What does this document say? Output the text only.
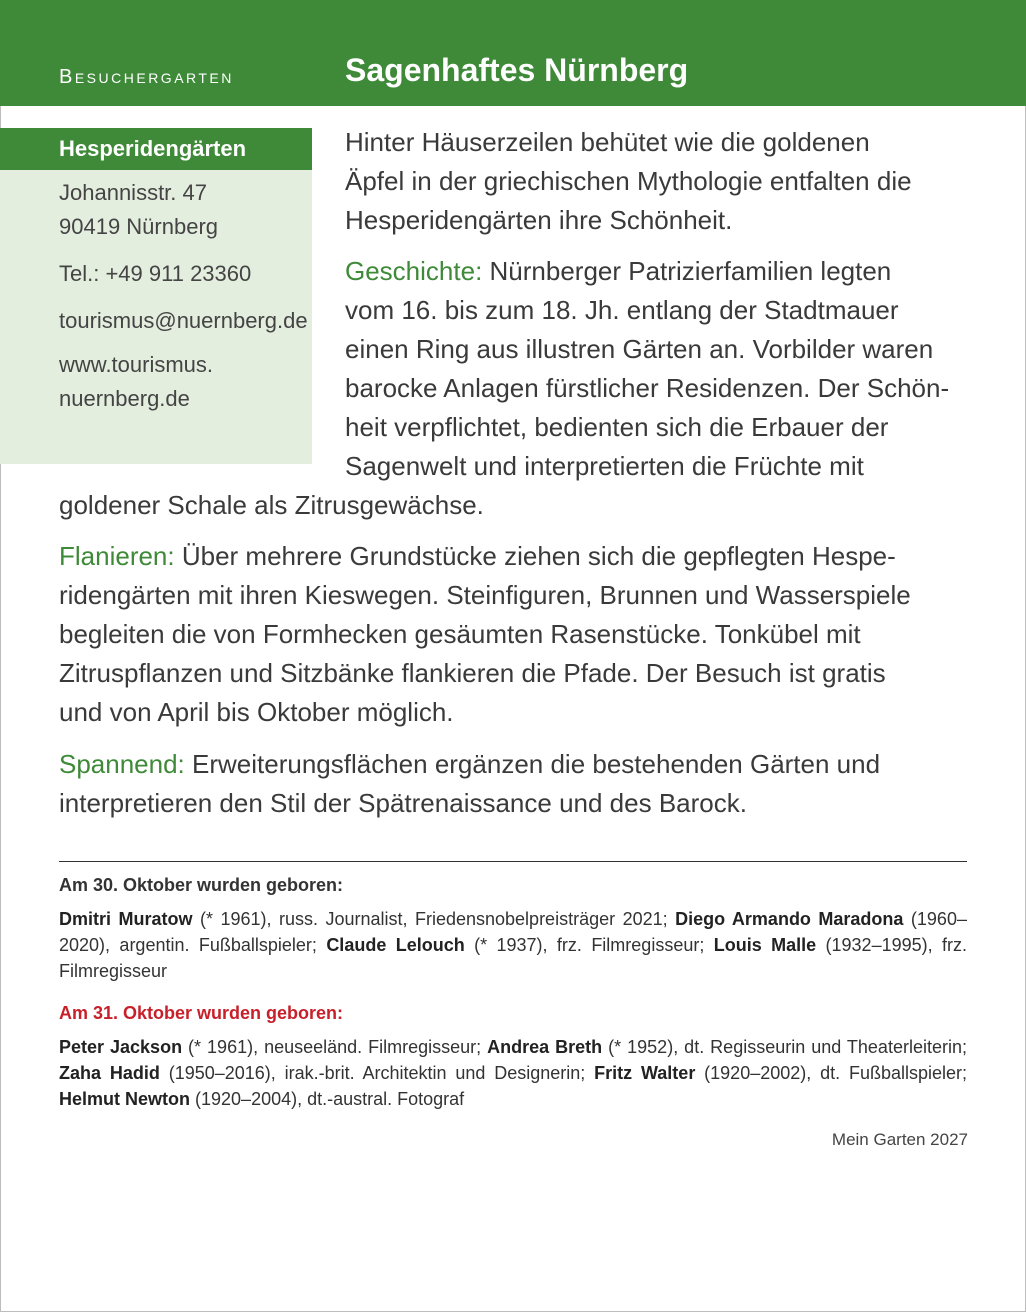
besuchergarten	Sagenhaftes Nürnberg
Hesperidengärten
Johannisstr. 47
90419 Nürnberg
Tel.: +49 911 23360
tourismus@nuernberg.de
www.tourismus.
nuernberg.de
Hinter Häuserzeilen behütet wie die goldenen
Äpfel in der griechischen Mythologie entfalten die
Hesperidengärten ihre Schönheit.
Geschichte: Nürnberger Patrizierfamilien legten
vom 16. bis zum 18. Jh. entlang der Stadtmauer
einen Ring aus illustren Gärten an. Vorbilder waren
barocke Anlagen fürstlicher Residenzen. Der Schön-
heit verpflichtet, bedienten sich die Erbauer der
Sagenwelt und interpretierten die Früchte mit
goldener Schale als Zitrusgewächse.
Flanieren: Über mehrere Grundstücke ziehen sich die gepflegten Hespe-
ridengärten mit ihren Kieswegen. Steinfiguren, Brunnen und Wasserspiele
begleiten die von Formhecken gesäumten Rasenstücke. Tonkübel mit
Zitruspflanzen und Sitzbänke flankieren die Pfade. Der Besuch ist gratis
und von April bis Oktober möglich.
Spannend: Erweiterungsflächen ergänzen die bestehenden Gärten und
interpretieren den Stil der Spätrenaissance und des Barock.
Am 30. Oktober wurden geboren:
Dmitri Muratow (* 1961), russ. Journalist, Friedensnobelpreisträger 2021; Diego Armando Maradona (1960–2020), argentin. Fußballspieler; Claude Lelouch (* 1937), frz. Filmregisseur; Louis Malle (1932–1995), frz. Filmregisseur
Am 31. Oktober wurden geboren:
Peter Jackson (* 1961), neuseeländ. Filmregisseur; Andrea Breth (* 1952), dt. Regisseurin und Theaterleiterin; Zaha Hadid (1950–2016), irak.-brit. Architektin und Designerin; Fritz Walter (1920–2002), dt. Fußballspieler; Helmut Newton (1920–2004), dt.-austral. Fotograf
Mein Garten 2027
